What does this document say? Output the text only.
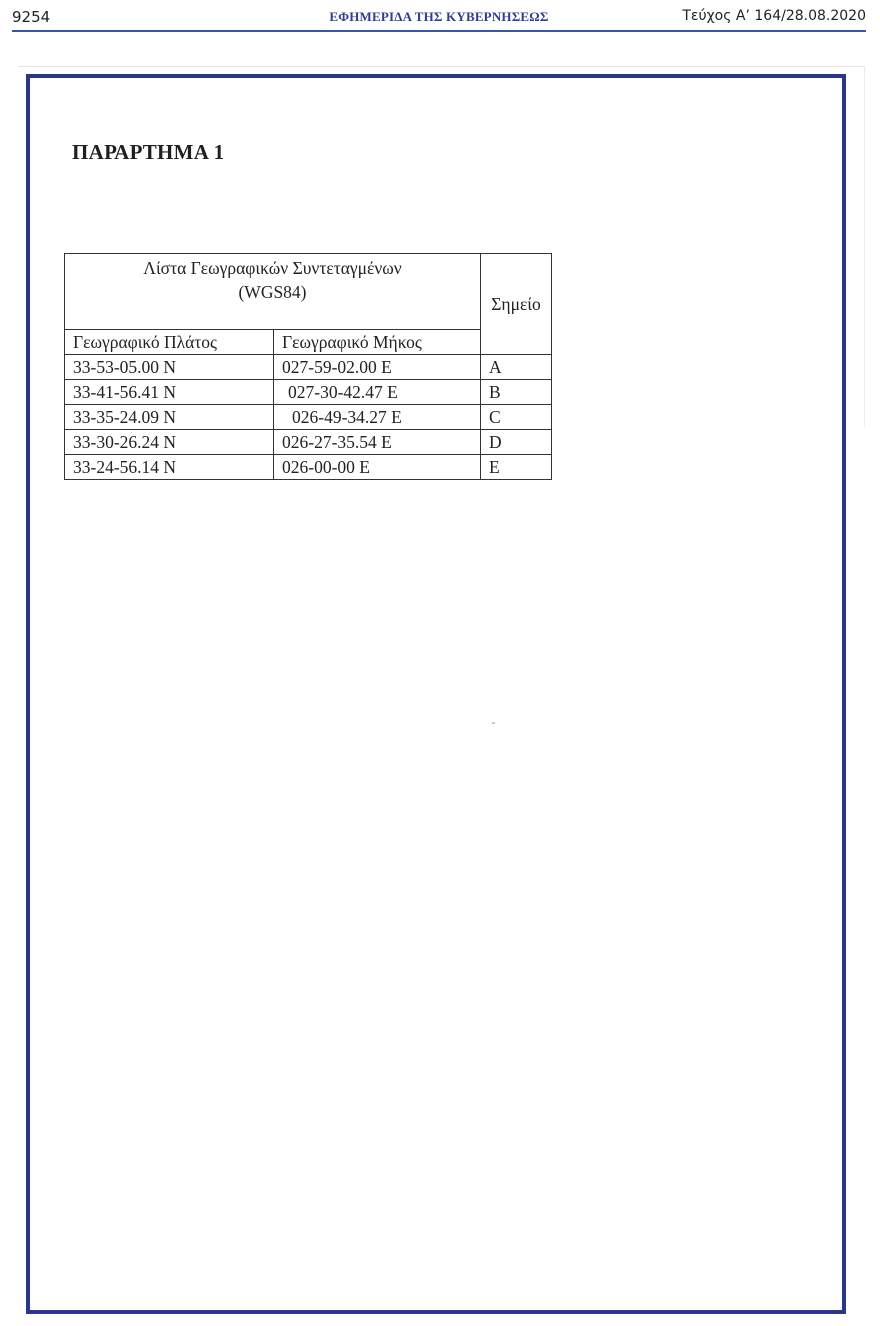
9254	ΕΦΗΜΕΡΙΔΑ ΤΗΣ ΚΥΒΕΡΝΗΣΕΩΣ	Τεύχος Α’ 164/28.08.2020
ΠΑΡΑΡΤΗΜΑ 1
Λίστα Γεωγραφικών Συντεταγμένων
(WGS84)		Σημείο
Γεωγραφικό Πλάτος	Γεωγραφικό Μήκος	
33-53-05.00 N	027-59-02.00 E	A
33-41-56.41 N	027-30-42.47 E	B
33-35-24.09 N	026-49-34.27 E	C
33-30-26.24 N	026-27-35.54 E	D
33-24-56.14 N	026-00-00 E	E
